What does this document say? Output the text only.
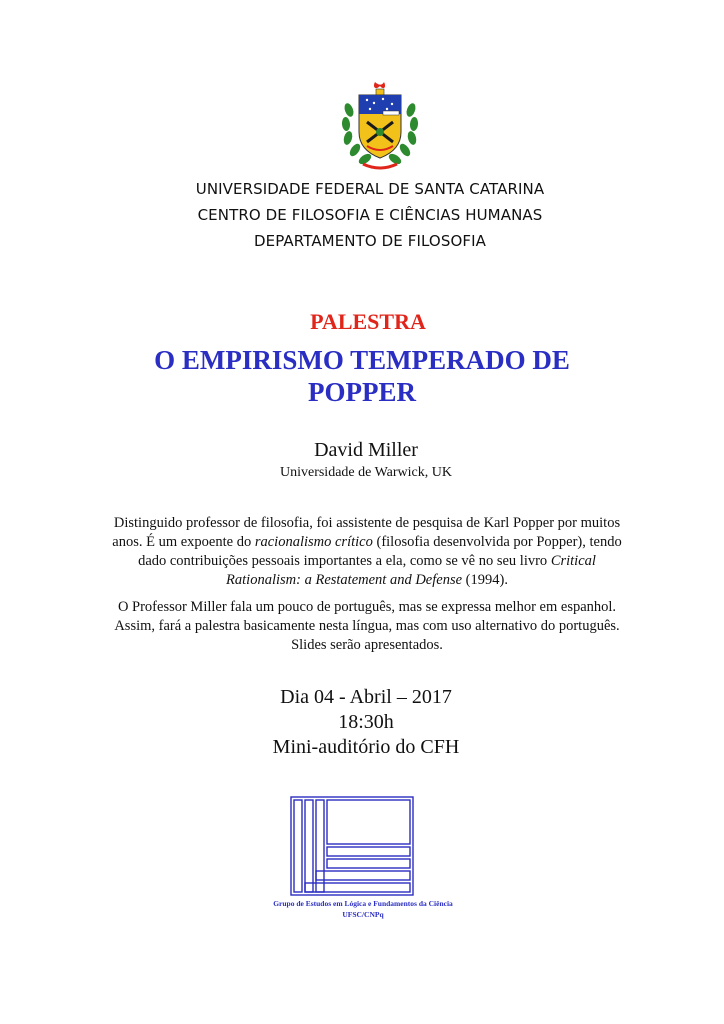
UNIVERSIDADE FEDERAL DE SANTA CATARINA
CENTRO DE FILOSOFIA E CIÊNCIAS HUMANAS
DEPARTAMENTO DE FILOSOFIA
PALESTRA
O EMPIRISMO TEMPERADO DE
POPPER
David Miller
Universidade de Warwick, UK
Distinguido professor de filosofia, foi assistente de pesquisa de Karl Popper por muitos
anos. É um expoente do racionalismo crítico (filosofia desenvolvida por Popper), tendo
dado contribuições pessoais importantes a ela, como se vê no seu livro Critical
Rationalism: a Restatement and Defense (1994).
O Professor Miller fala um pouco de português, mas se expressa melhor em espanhol.
Assim, fará a palestra basicamente nesta língua, mas com uso alternativo do português.
Slides serão apresentados.
Dia 04 - Abril – 2017
18:30h
Mini-auditório do CFH
Grupo de Estudos em Lógica e Fundamentos da Ciência
UFSC/CNPq
